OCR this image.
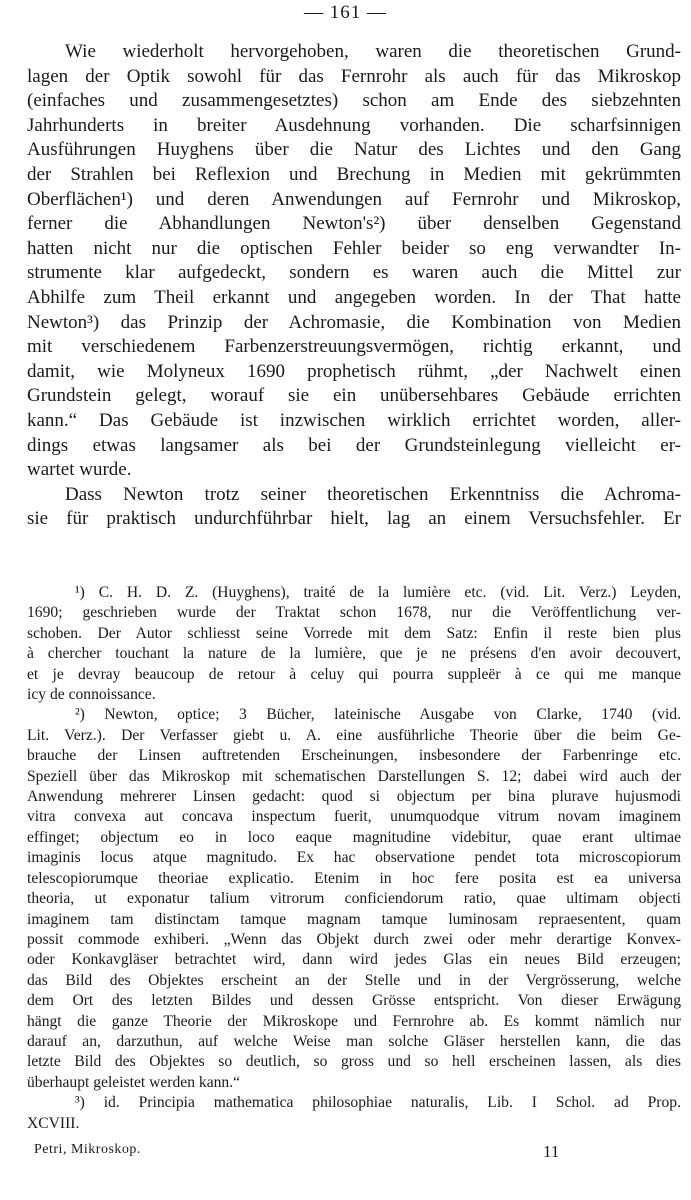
— 161 —
Wie wiederholt hervorgehoben, waren die theoretischen Grund-
lagen der Optik sowohl für das Fernrohr als auch für das Mikroskop
(einfaches und zusammengesetztes) schon am Ende des siebzehnten
Jahrhunderts in breiter Ausdehnung vorhanden. Die scharfsinnigen
Ausführungen Huyghens über die Natur des Lichtes und den Gang
der Strahlen bei Reflexion und Brechung in Medien mit gekrümmten
Oberflächen¹) und deren Anwendungen auf Fernrohr und Mikroskop,
ferner die Abhandlungen Newton's²) über denselben Gegenstand
hatten nicht nur die optischen Fehler beider so eng verwandter In-
strumente klar aufgedeckt, sondern es waren auch die Mittel zur
Abhilfe zum Theil erkannt und angegeben worden. In der That hatte
Newton³) das Prinzip der Achromasie, die Kombination von Medien
mit verschiedenem Farbenzerstreuungsvermögen, richtig erkannt, und
damit, wie Molyneux 1690 prophetisch rühmt, „der Nachwelt einen
Grundstein gelegt, worauf sie ein unübersehbares Gebäude errichten
kann.“ Das Gebäude ist inzwischen wirklich errichtet worden, aller-
dings etwas langsamer als bei der Grundsteinlegung vielleicht er-
wartet wurde.
Dass Newton trotz seiner theoretischen Erkenntniss die Achroma-
sie für praktisch undurchführbar hielt, lag an einem Versuchsfehler. Er
¹) C. H. D. Z. (Huyghens), traité de la lumière etc. (vid. Lit. Verz.) Leyden,
1690; geschrieben wurde der Traktat schon 1678, nur die Veröffentlichung ver-
schoben. Der Autor schliesst seine Vorrede mit dem Satz: Enfin il reste bien plus
à chercher touchant la nature de la lumière, que je ne présens d'en avoir decouvert,
et je devray beaucoup de retour à celuy qui pourra suppleër à ce qui me manque
icy de connoissance.
²) Newton, optice; 3 Bücher, lateinische Ausgabe von Clarke, 1740 (vid.
Lit. Verz.). Der Verfasser giebt u. A. eine ausführliche Theorie über die beim Ge-
brauche der Linsen auftretenden Erscheinungen, insbesondere der Farbenringe etc.
Speziell über das Mikroskop mit schematischen Darstellungen S. 12; dabei wird auch der
Anwendung mehrerer Linsen gedacht: quod si objectum per bina plurave hujusmodi
vitra convexa aut concava inspectum fuerit, unumquodque vitrum novam imaginem
effinget; objectum eo in loco eaque magnitudine videbitur, quae erant ultimae
imaginis locus atque magnitudo. Ex hac observatione pendet tota microscopiorum
telescopiorumque theoriae explicatio. Etenim in hoc fere posita est ea universa
theoria, ut exponatur talium vitrorum conficiendorum ratio, quae ultimam objecti
imaginem tam distinctam tamque magnam tamque luminosam repraesentent, quam
possit commode exhiberi. „Wenn das Objekt durch zwei oder mehr derartige Konvex-
oder Konkavgläser betrachtet wird, dann wird jedes Glas ein neues Bild erzeugen;
das Bild des Objektes erscheint an der Stelle und in der Vergrösserung, welche
dem Ort des letzten Bildes und dessen Grösse entspricht. Von dieser Erwägung
hängt die ganze Theorie der Mikroskope und Fernrohre ab. Es kommt nämlich nur
darauf an, darzuthun, auf welche Weise man solche Gläser herstellen kann, die das
letzte Bild des Objektes so deutlich, so gross und so hell erscheinen lassen, als dies
überhaupt geleistet werden kann.“
³) id. Principia mathematica philosophiae naturalis, Lib. I Schol. ad Prop.
XCVIII.
Petri, Mikroskop.	11
